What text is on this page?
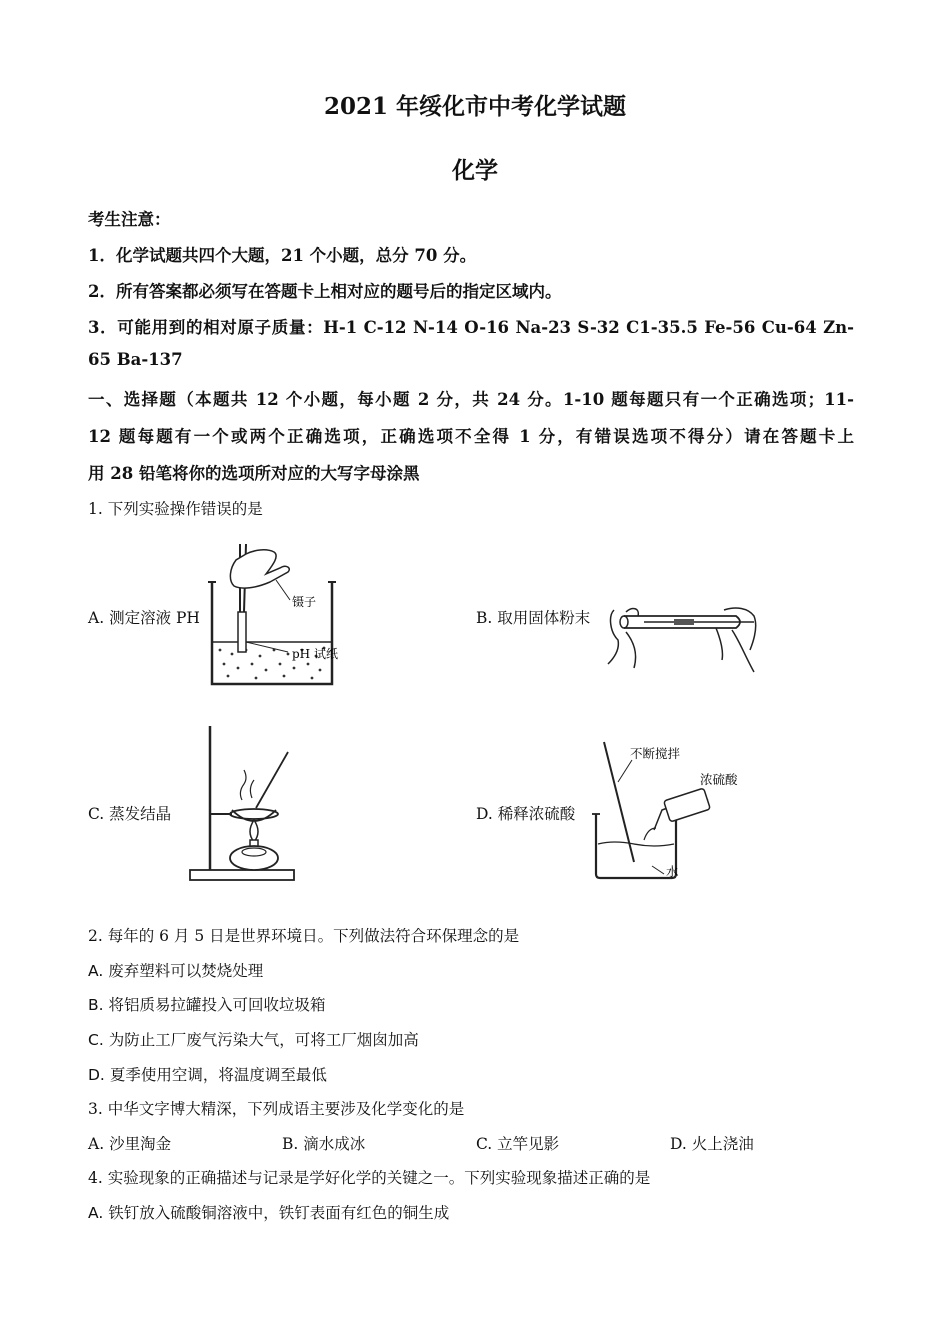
2021 年绥化市中考化学试题
化学
考生注意：
1．化学试题共四个大题，21 个小题，总分 70 分。
2．所有答案都必须写在答题卡上相对应的题号后的指定区域内。
3．可能用到的相对原子质量：H-1 C-12 N-14 O-16 Na-23 S-32 C1-35.5 Fe-56 Cu-64 Zn-
65 Ba-137
一、选择题（本题共 12 个小题，每小题 2 分，共 24 分。1-10 题每题只有一个正确选项；11-
12 题每题有一个或两个正确选项，正确选项不全得 1 分，有错误选项不得分）请在答题卡上
用 28 铅笔将你的选项所对应的大写字母涂黑
1. 下列实验操作错误的是
A. 测定溶液 PH
镊子
pH 试纸
B. 取用固体粉末
C. 蒸发结晶	D. 稀释浓硫酸
不断搅拌
浓硫酸
水
2. 每年的 6 月 5 日是世界环境日。下列做法符合环保理念的是
A. 废弃塑料可以焚烧处理
B. 将铝质易拉罐投入可回收垃圾箱
C. 为防止工厂废气污染大气，可将工厂烟囱加高
D. 夏季使用空调，将温度调至最低
3. 中华文字博大精深，下列成语主要涉及化学变化的是
A. 沙里淘金	B. 滴水成冰	C. 立竿见影	D. 火上浇油
4. 实验现象的正确描述与记录是学好化学的关键之一。下列实验现象描述正确的是
A. 铁钉放入硫酸铜溶液中，铁钉表面有红色的铜生成
